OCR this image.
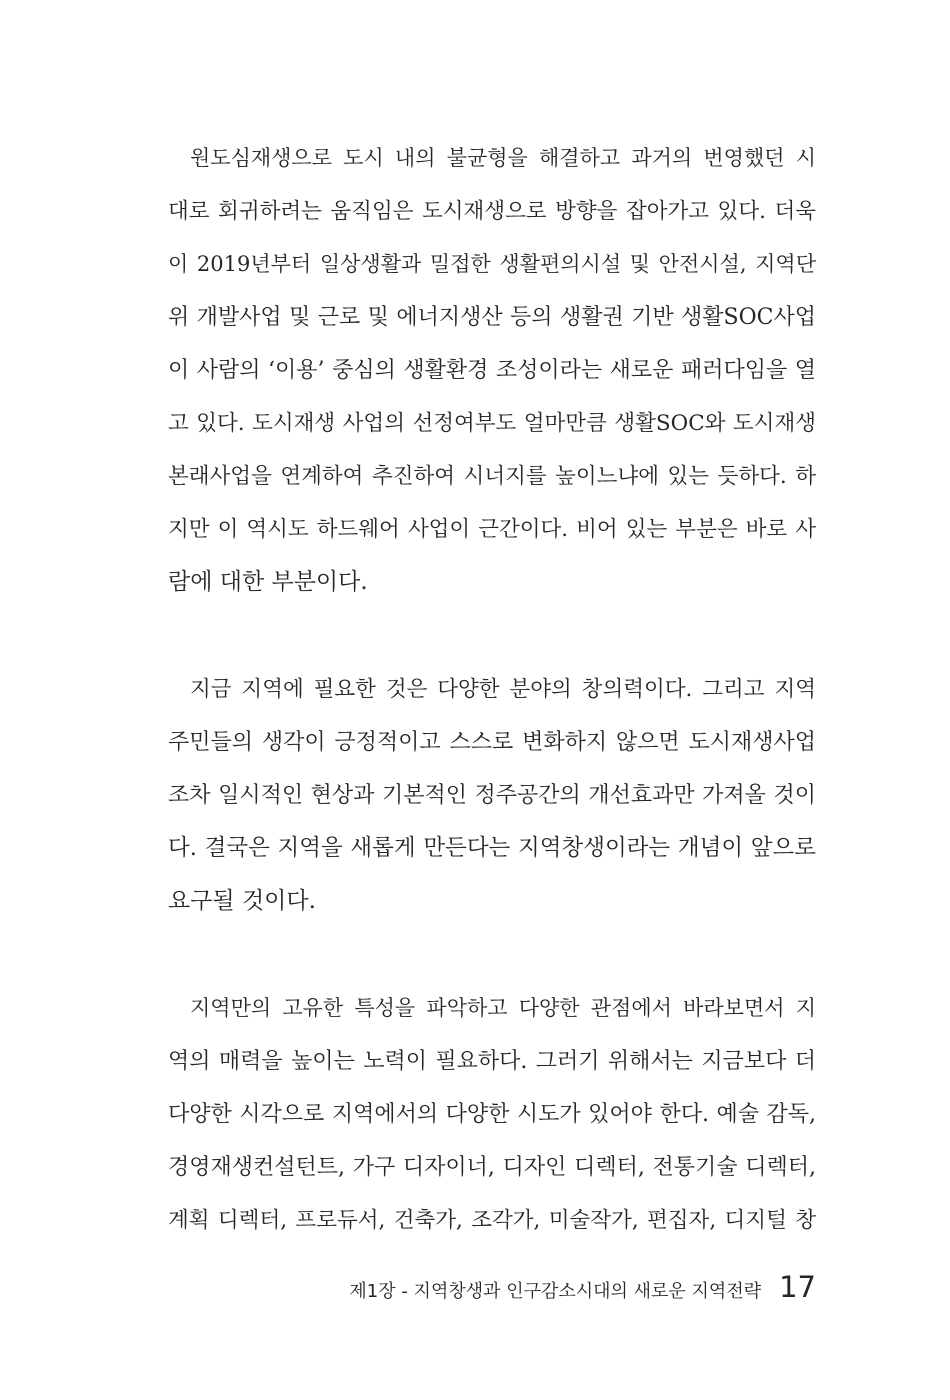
원도심재생으로 도시 내의 불균형을 해결하고 과거의 번영했던 시
대로 회귀하려는 움직임은 도시재생으로 방향을 잡아가고 있다. 더욱
이 2019년부터 일상생활과 밀접한 생활편의시설 및 안전시설, 지역단
위 개발사업 및 근로 및 에너지생산 등의 생활권 기반 생활SOC사업
이 사람의 ‘이용’ 중심의 생활환경 조성이라는 새로운 패러다임을 열
고 있다. 도시재생 사업의 선정여부도 얼마만큼 생활SOC와 도시재생
본래사업을 연계하여 추진하여 시너지를 높이느냐에 있는 듯하다. 하
지만 이 역시도 하드웨어 사업이 근간이다. 비어 있는 부분은 바로 사
람에 대한 부분이다.
지금 지역에 필요한 것은 다양한 분야의 창의력이다. 그리고 지역
주민들의 생각이 긍정적이고 스스로 변화하지 않으면 도시재생사업
조차 일시적인 현상과 기본적인 정주공간의 개선효과만 가져올 것이
다. 결국은 지역을 새롭게 만든다는 지역창생이라는 개념이 앞으로
요구될 것이다.
지역만의 고유한 특성을 파악하고 다양한 관점에서 바라보면서 지
역의 매력을 높이는 노력이 필요하다. 그러기 위해서는 지금보다 더
다양한 시각으로 지역에서의 다양한 시도가 있어야 한다. 예술 감독,
경영재생컨설턴트, 가구 디자이너, 디자인 디렉터, 전통기술 디렉터,
계획 디렉터, 프로듀서, 건축가, 조각가, 미술작가, 편집자, 디지털 창
제1장 - 지역창생과 인구감소시대의 새로운 지역전략 17
